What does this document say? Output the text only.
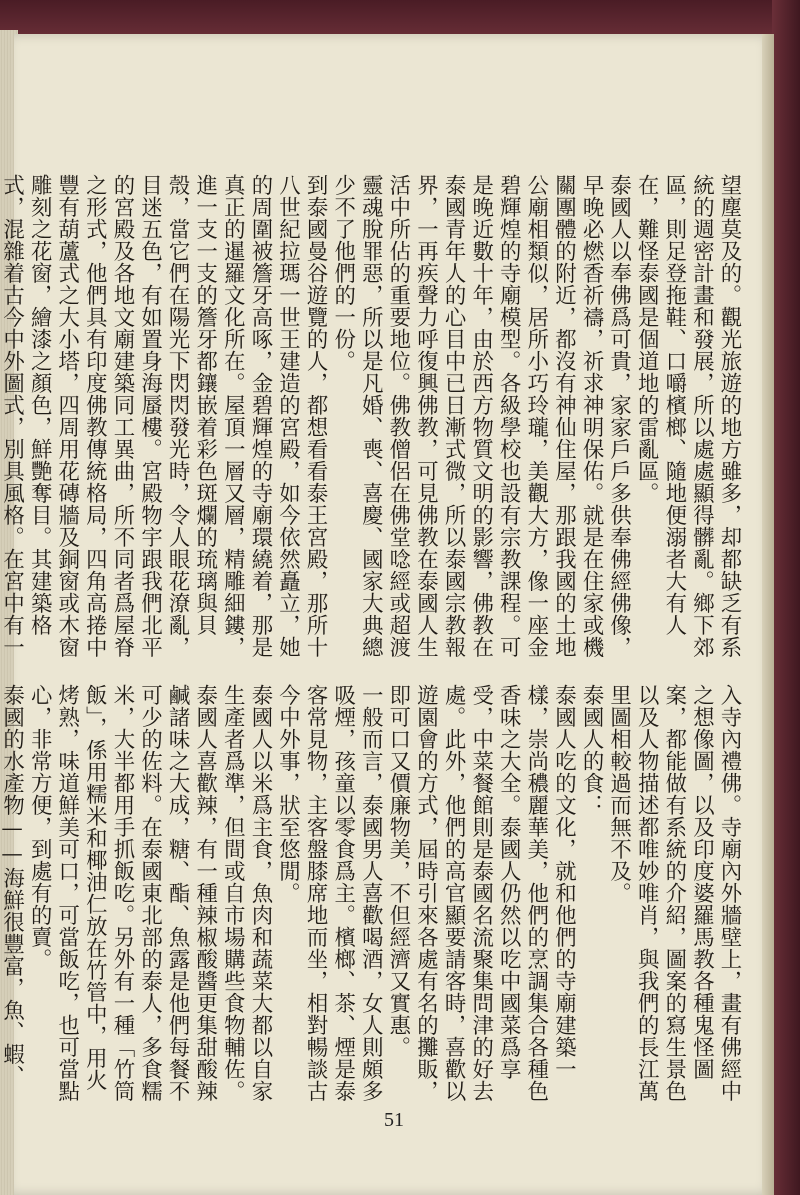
望塵莫及的。觀光旅遊的地方雖多，却都缺乏有系統的週密計畫和發展，所以處處顯得髒亂。鄉下郊區，則足登拖鞋、口嚼檳榔、隨地便溺者大有人在，難怪泰國是個道地的雷亂區。

泰國人以奉佛爲可貴，家家戶戶多供奉佛經佛像，早晚必燃香祈禱，祈求神明保佑。就是在住家或機關團體的附近，都沒有神仙住屋，那跟我國的土地公廟相類似，居所小巧玲瓏，美觀大方，像一座金碧輝煌的寺廟模型。各級學校也設有宗教課程。可是晚近數十年，由於西方物質文明的影響，佛教在泰國青年人的心目中已日漸式微，所以泰國宗教報界，一再疾聲力呼復興佛教，可見佛教在泰國人生活中所佔的重要地位。佛教僧侶在佛堂唸經或超渡靈魂脫罪惡，所以是凡婚、喪、喜慶、國家大典總少不了他們的一份。

到泰國曼谷遊覽的人，都想看看泰王宮殿，那所十八世紀拉瑪一世王建造的宮殿，如今依然矗立，她的周圍被簷牙高啄，金碧輝煌的寺廟環繞着，那是真正的暹羅文化所在。屋頂一層又層，精雕細鏤，進一支一支的簷牙都鑲嵌着彩色斑爛的琉璃與貝殼，當它們在陽光下閃閃發光時，令人眼花潦亂，目迷五色，有如置身海蜃樓。宮殿物宇跟我們北平的宮殿及各地文廟建築同工異曲，所不同者爲屋脊之形式，他們具有印度佛教傳統格局，四角高捲中豐有葫蘆式之大小塔，四周用花磚牆及銅窗或木窗雕刻之花窗，繪漆之顏色，鮮艷奪目。其建築格式，混雜着古今中外圖式，別具風格。在宮中有一

入寺內禮佛。寺廟內外牆壁上，畫有佛經中之想像圖，以及印度婆羅馬教各種鬼怪圖案，都能做有系統的介紹，圖案的寫生景色以及人物描述都唯妙唯肖，與我們的長江萬里圖相較過而無不及。

泰國人的食：

泰國人吃的文化，就和他們的寺廟建築一樣，崇尚穠麗華美，他們的烹調集合各種色香味之大全。泰國人仍然以吃中國菜爲享受，中菜餐館則是泰國名流聚集問津的好去處。此外，他們的高官顯要請客時，喜歡以遊園會的方式，屆時引來各處有名的攤販，即可口又價廉物美，不但經濟又實惠。

一般而言，泰國男人喜歡喝酒，女人則頗多吸煙，孩童以零食爲主。檳榔、茶、煙是泰客常見物，主客盤膝席地而坐，相對暢談古今中外事，狀至悠閒。

泰國人以米爲主食，魚肉和蔬菜大都以自家生產者爲準，但間或自市場購些食物輔佐。泰國人喜歡辣，有一種辣椒酸醬更集甜酸辣鹹諸味之大成，糖、酯、魚露是他們每餐不可少的佐料。在泰國東北部的泰人，多食糯米，大半都用手抓飯吃。另外有一種「竹筒飯」，係用糯米和椰油仁放在竹管中，用火烤熟，味道鮮美可口，可當飯吃，也可當點心，非常方便，到處有的賣。

泰國的水產物——海鮮很豐富，魚、蝦、

51
